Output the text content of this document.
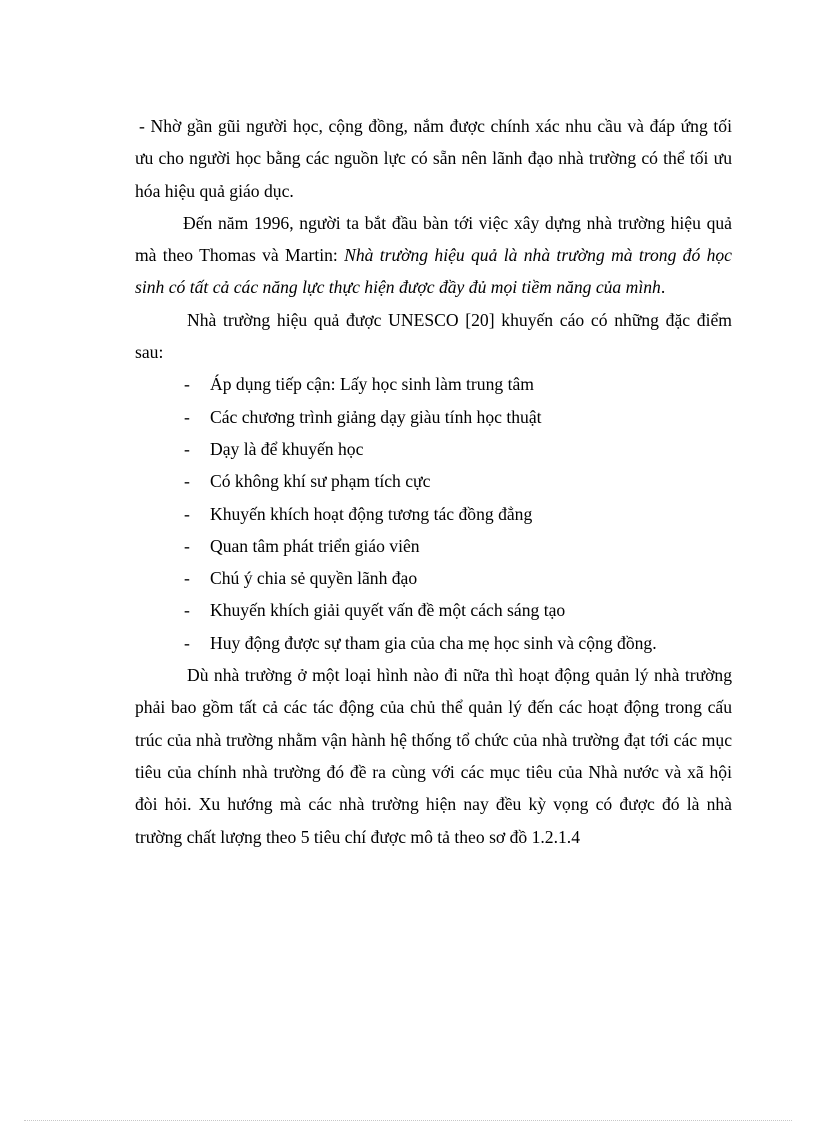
- Nhờ gần gũi người học, cộng đồng, nắm được chính xác nhu cầu và đáp ứng tối ưu cho người học bằng các nguồn lực có sẵn nên lãnh đạo nhà trường có thể tối ưu hóa hiệu quả giáo dục.

Đến năm 1996, người ta bắt đầu bàn tới việc xây dựng nhà trường hiệu quả mà theo Thomas và Martin: Nhà trường hiệu quả là nhà trường mà trong đó học sinh có tất cả các năng lực thực hiện được đầy đủ mọi tiềm năng của mình.

Nhà trường hiệu quả được UNESCO [20] khuyến cáo có những đặc điểm sau:

- Áp dụng tiếp cận: Lấy học sinh làm trung tâm
- Các chương trình giảng dạy giàu tính học thuật
- Dạy là để khuyến học
- Có không khí sư phạm tích cực
- Khuyến khích hoạt động tương tác đồng đẳng
- Quan tâm phát triển giáo viên
- Chú ý chia sẻ quyền lãnh đạo
- Khuyến khích giải quyết vấn đề một cách sáng tạo
- Huy động được sự tham gia của cha mẹ học sinh và cộng đồng.

Dù nhà trường ở một loại hình nào đi nữa thì hoạt động quản lý nhà trường phải bao gồm tất cả các tác động của chủ thể quản lý đến các hoạt động trong cấu trúc của nhà trường nhằm vận hành hệ thống tổ chức của nhà trường đạt tới các mục tiêu của chính nhà trường đó đề ra cùng với các mục tiêu của Nhà nước và xã hội đòi hỏi. Xu hướng mà các nhà trường hiện nay đều kỳ vọng có được đó là nhà trường chất lượng theo 5 tiêu chí được mô tả theo sơ đồ 1.2.1.4
